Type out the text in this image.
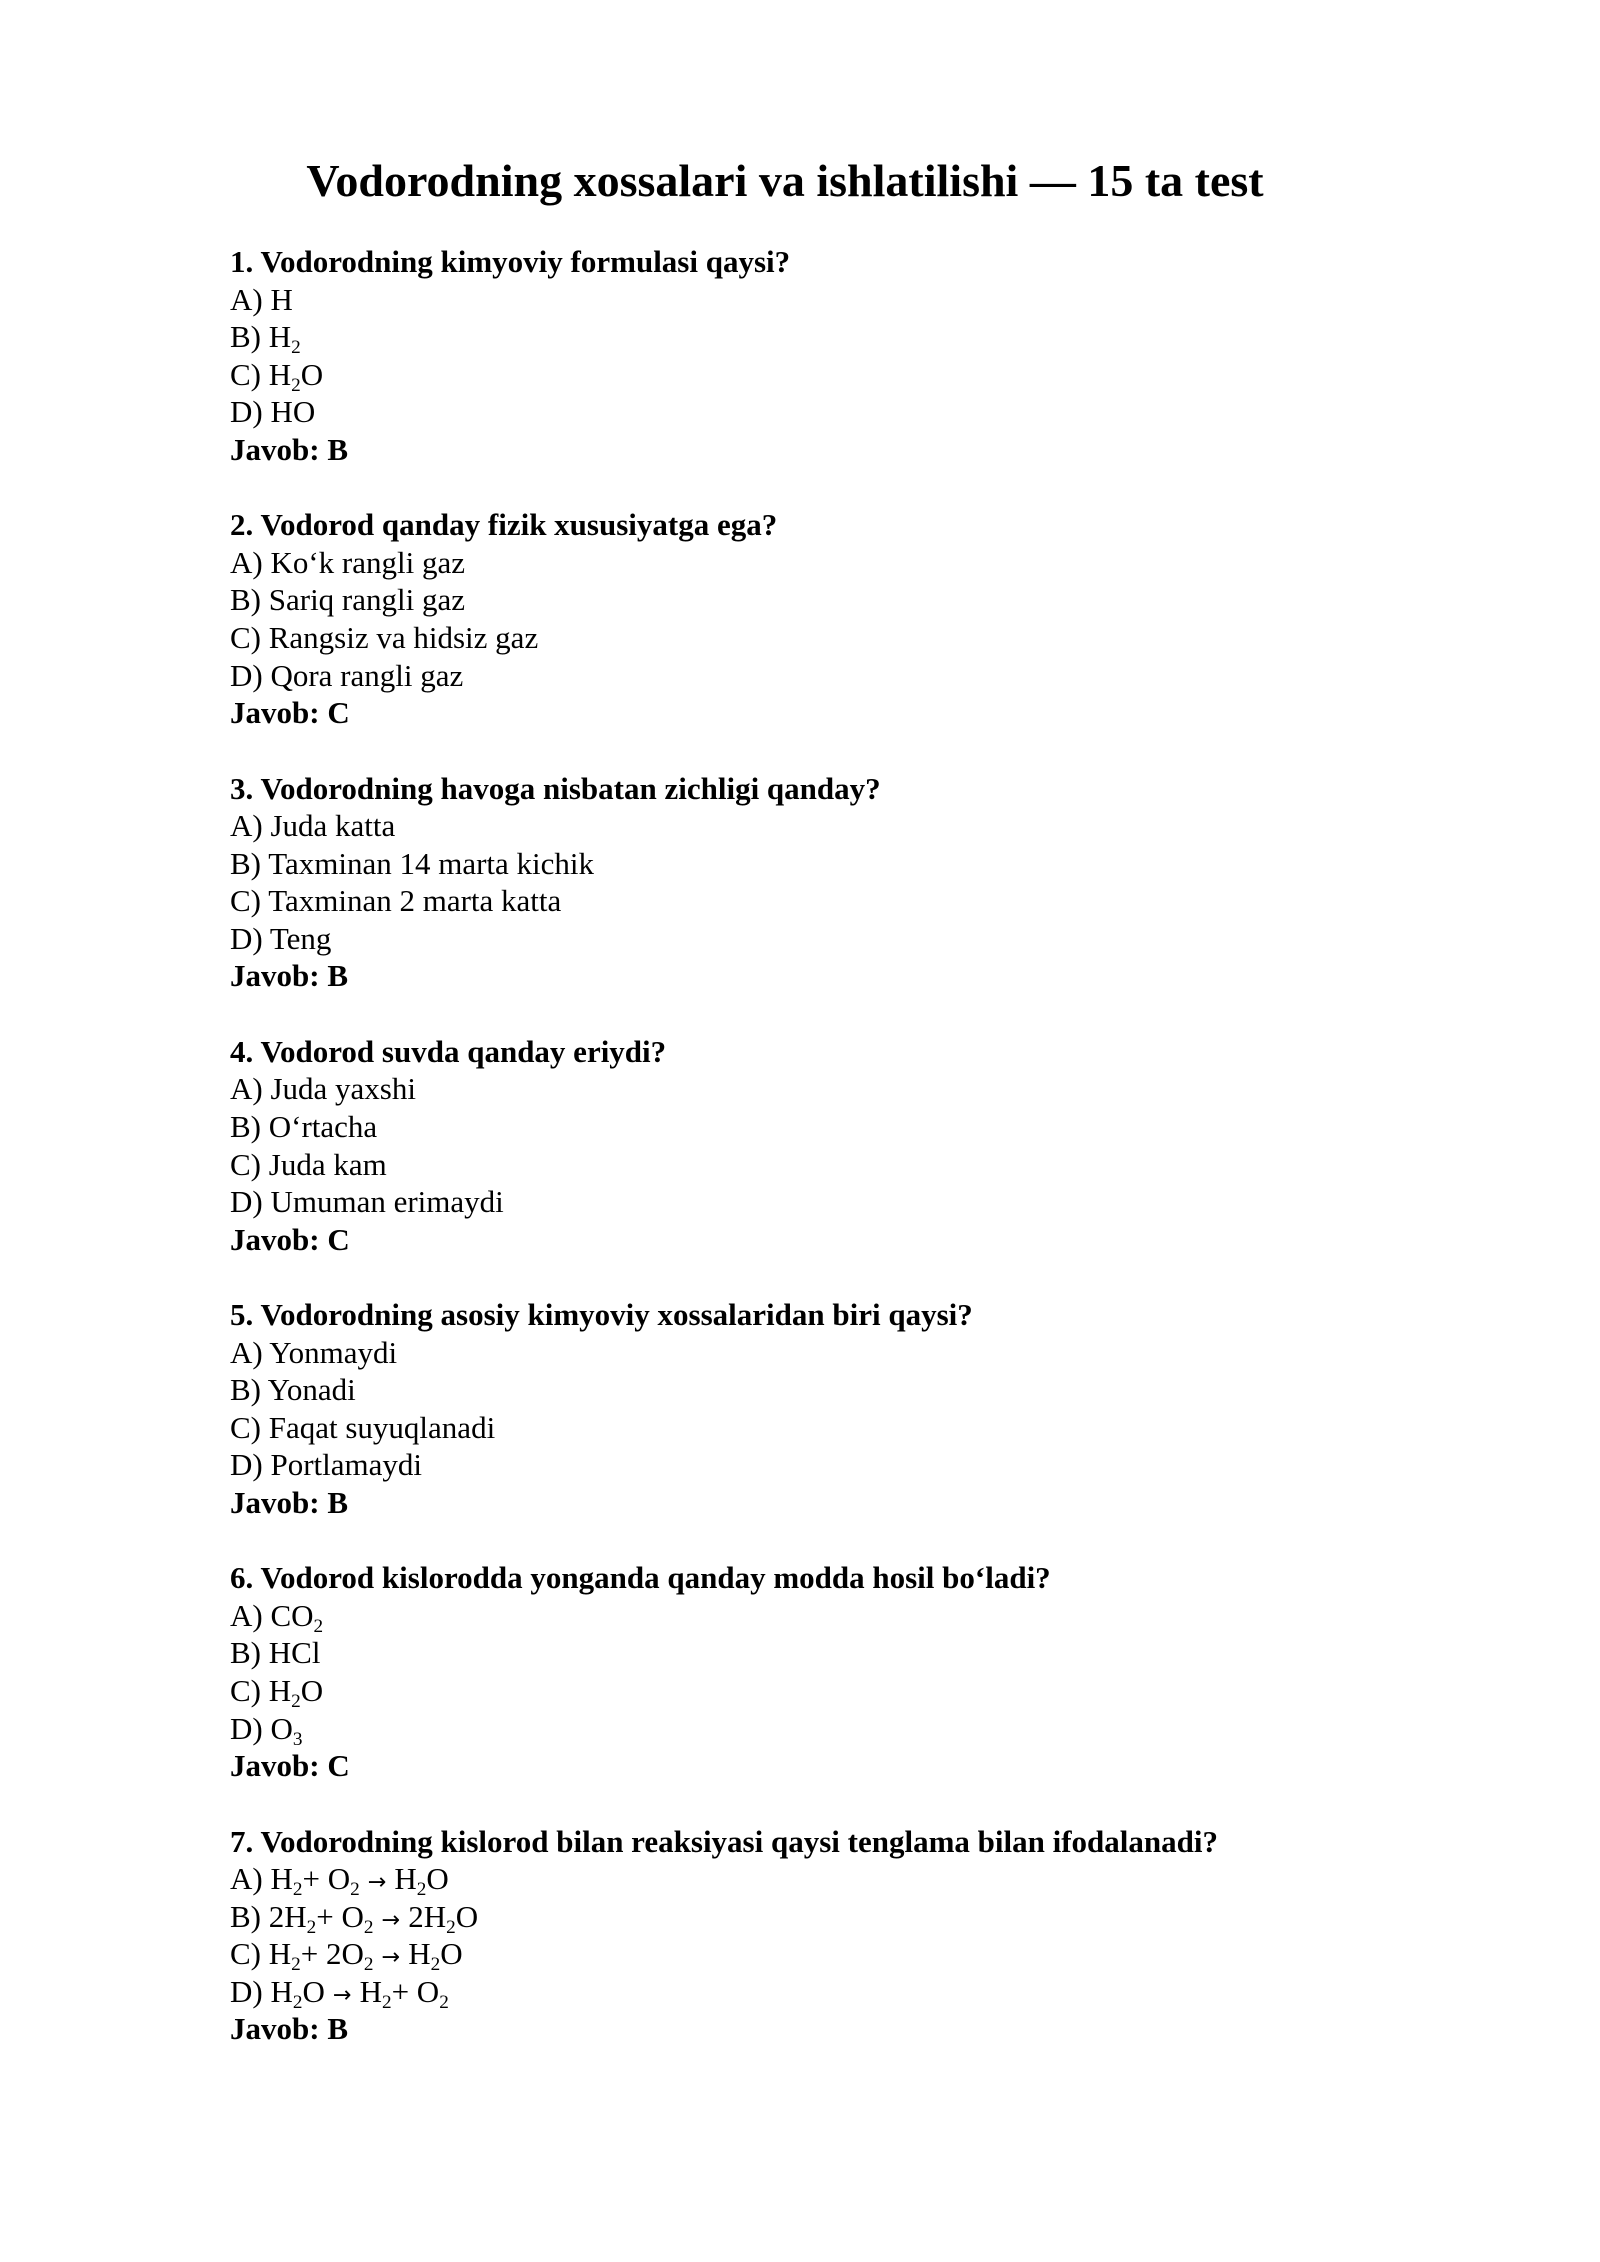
Vodorodning xossalari va ishlatilishi — 15 ta test
1. Vodorodning kimyoviy formulasi qaysi?
A) H
B) $H_2$
C) $H_2O$
D) HO
Javob: B
2. Vodorod qanday fizik xususiyatga ega?
A) Ko‘k rangli gaz
B) Sariq rangli gaz
C) Rangsiz va hidsiz gaz
D) Qora rangli gaz
Javob: C
3. Vodorodning havoga nisbatan zichligi qanday?
A) Juda katta
B) Taxminan 14 marta kichik
C) Taxminan 2 marta katta
D) Teng
Javob: B
4. Vodorod suvda qanday eriydi?
A) Juda yaxshi
B) O‘rtacha
C) Juda kam
D) Umuman erimaydi
Javob: C
5. Vodorodning asosiy kimyoviy xossalaridan biri qaysi?
A) Yonmaydi
B) Yonadi
C) Faqat suyuqlanadi
D) Portlamaydi
Javob: B
6. Vodorod kislorodda yonganda qanday modda hosil bo‘ladi?
A) $CO_2$
B) HCl
C) $H_2O$
D) $O_3$
Javob: C
7. Vodorodning kislorod bilan reaksiyasi qaysi tenglama bilan ifodalanadi?
A) $H_2+ O_2 \to H_2O$
B) $2H_2+ O_2 \to 2H_2O$
C) $H_2+ 2O_2 \to H_2O$
D) $H_2O \to H_2+ O_2$
Javob: B
